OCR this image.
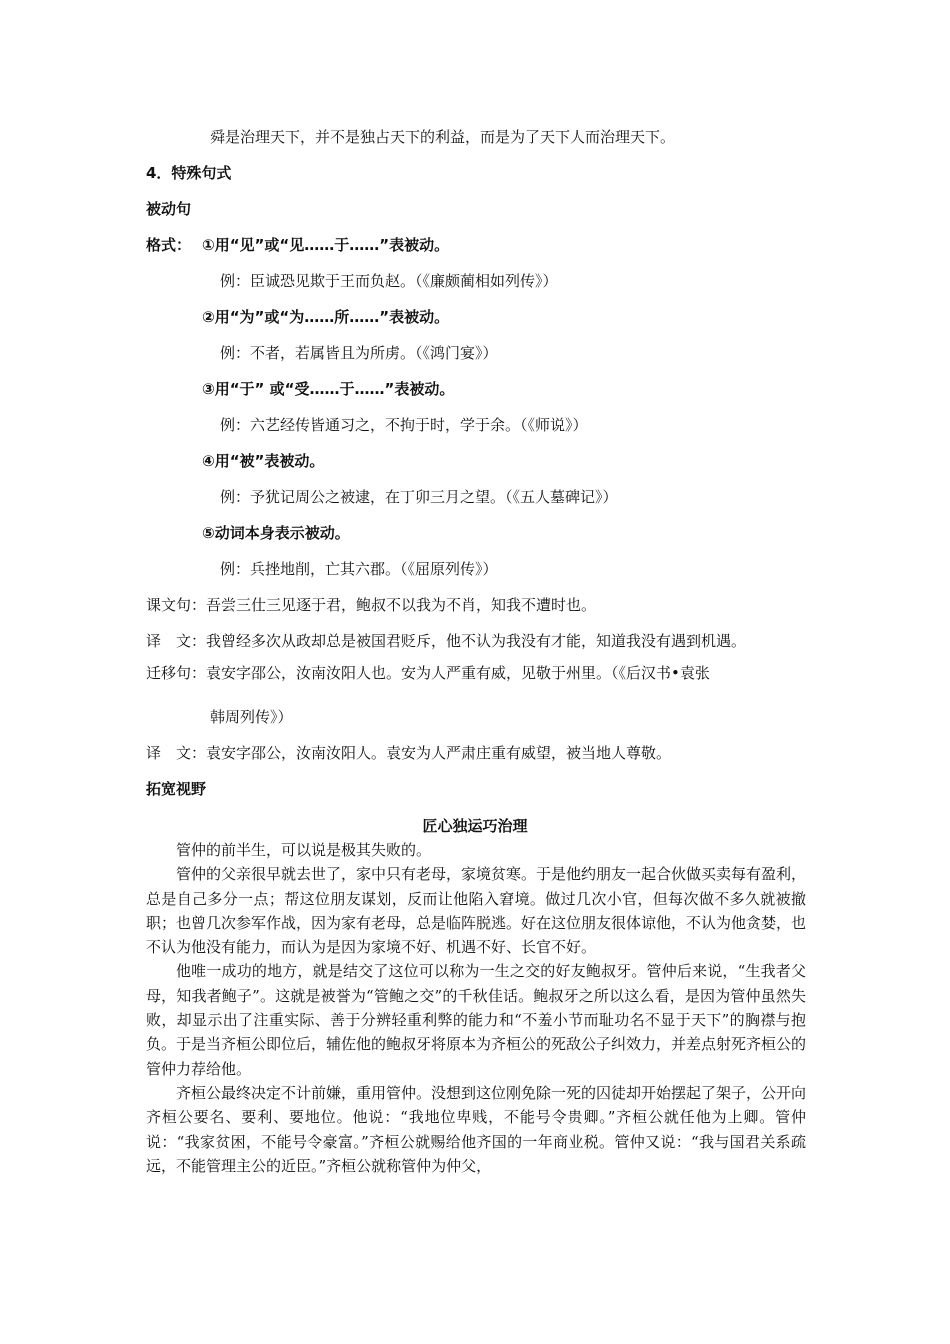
舜是治理天下，并不是独占天下的利益，而是为了天下人而治理天下。
4．特殊句式
被动句
格式： ①用“见”或“见……于……”表被动。
例：臣诚恐见欺于王而负赵。（《廉颇蔺相如列传》）
②用“为”或“为……所……”表被动。
例：不者，若属皆且为所虏。（《鸿门宴》）
③用“于” 或“受……于……”表被动。
例：六艺经传皆通习之，不拘于时，学于余。（《师说》）
④用“被”表被动。
例：予犹记周公之被逮，在丁卯三月之望。（《五人墓碑记》）
⑤动词本身表示被动。
例：兵挫地削，亡其六郡。（《屈原列传》）
课文句：吾尝三仕三见逐于君，鲍叔不以我为不肖，知我不遭时也。
译　文：我曾经多次从政却总是被国君贬斥，他不认为我没有才能，知道我没有遇到机遇。
迁移句：袁安字邵公，汝南汝阳人也。安为人严重有威，见敬于州里。（《后汉书•袁张
韩周列传》）
译　文：袁安字邵公，汝南汝阳人。袁安为人严肃庄重有威望，被当地人尊敬。
拓宽视野
匠心独运巧治理

管仲的前半生，可以说是极其失败的。

管仲的父亲很早就去世了，家中只有老母，家境贫寒。于是他约朋友一起合伙做买卖每有盈利，总是自己多分一点；帮这位朋友谋划，反而让他陷入窘境。做过几次小官，但每次做不多久就被撤职；也曾几次参军作战，因为家有老母，总是临阵脱逃。好在这位朋友很体谅他，不认为他贪婪，也不认为他没有能力，而认为是因为家境不好、机遇不好、长官不好。

他唯一成功的地方，就是结交了这位可以称为一生之交的好友鲍叔牙。管仲后来说，“生我者父母，知我者鲍子”。这就是被誉为“管鲍之交”的千秋佳话。鲍叔牙之所以这么看，是因为管仲虽然失败，却显示出了注重实际、善于分辨轻重利弊的能力和“不羞小节而耻功名不显于天下”的胸襟与抱负。于是当齐桓公即位后，辅佐他的鲍叔牙将原本为齐桓公的死敌公子纠效力，并差点射死齐桓公的管仲力荐给他。

齐桓公最终决定不计前嫌，重用管仲。没想到这位刚免除一死的囚徒却开始摆起了架子，公开向齐桓公要名、要利、要地位。他说：“我地位卑贱，不能号令贵卿。”齐桓公就任他为上卿。管仲说：“我家贫困，不能号令豪富。”齐桓公就赐给他齐国的一年商业税。管仲又说：“我与国君关系疏远，不能管理主公的近臣。”齐桓公就称管仲为仲父，
